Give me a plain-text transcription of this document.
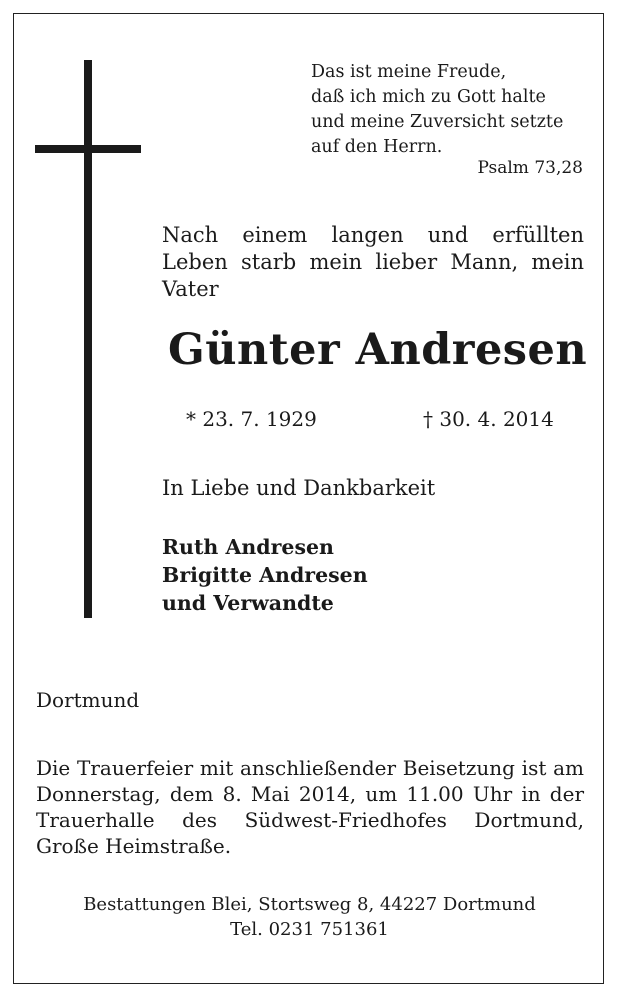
Das ist meine Freude,
daß ich mich zu Gott halte
und meine Zuversicht setzte
auf den Herrn.
Psalm 73,28
Nach einem langen und erfüllten Leben starb mein lieber Mann, mein Vater
Günter Andresen
* 23. 7. 1929	† 30. 4. 2014
In Liebe und Dankbarkeit
Ruth Andresen
Brigitte Andresen
und Verwandte
Dortmund
Die Trauerfeier mit anschließender Beisetzung ist am Donnerstag, dem 8. Mai 2014, um 11.00 Uhr in der Trauerhalle des Südwest-Friedhofes Dortmund, Große Heimstraße.
Bestattungen Blei, Stortsweg 8, 44227 Dortmund
Tel. 0231 751361
